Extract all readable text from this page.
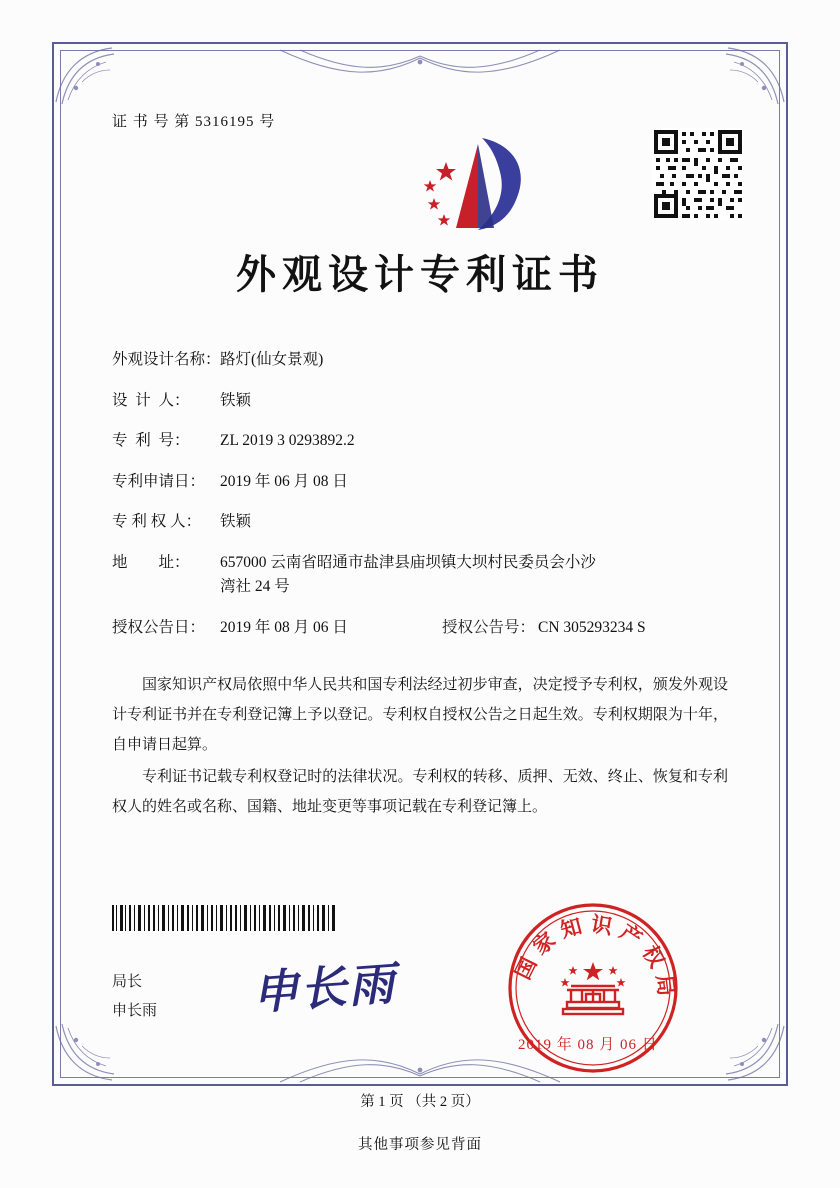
证 书 号 第 5316195 号
外观设计专利证书
外观设计名称： 路灯(仙女景观)
设  计  人：	铁颖
专  利  号：	ZL 2019 3 0293892.2
专利申请日： 2019 年 06 月 08 日
专 利 权 人：	铁颖
地        址：	657000 云南省昭通市盐津县庙坝镇大坝村民委员会小沙
湾社 24 号
授权公告日： 2019 年 08 月 06 日	授权公告号： CN 305293234 S

国家知识产权局依照中华人民共和国专利法经过初步审查，决定授予专利权，颁发外观设计专利证书并在专利登记簿上予以登记。专利权自授权公告之日起生效。专利权期限为十年，自申请日起算。

专利证书记载专利权登记时的法律状况。专利权的转移、质押、无效、终止、恢复和专利权人的姓名或名称、国籍、地址变更等事项记载在专利登记簿上。

局长
申长雨 申长雨	国家知识产权局
2019 年 08 月 06 日
第 1 页 （共 2 页）
其他事项参见背面
